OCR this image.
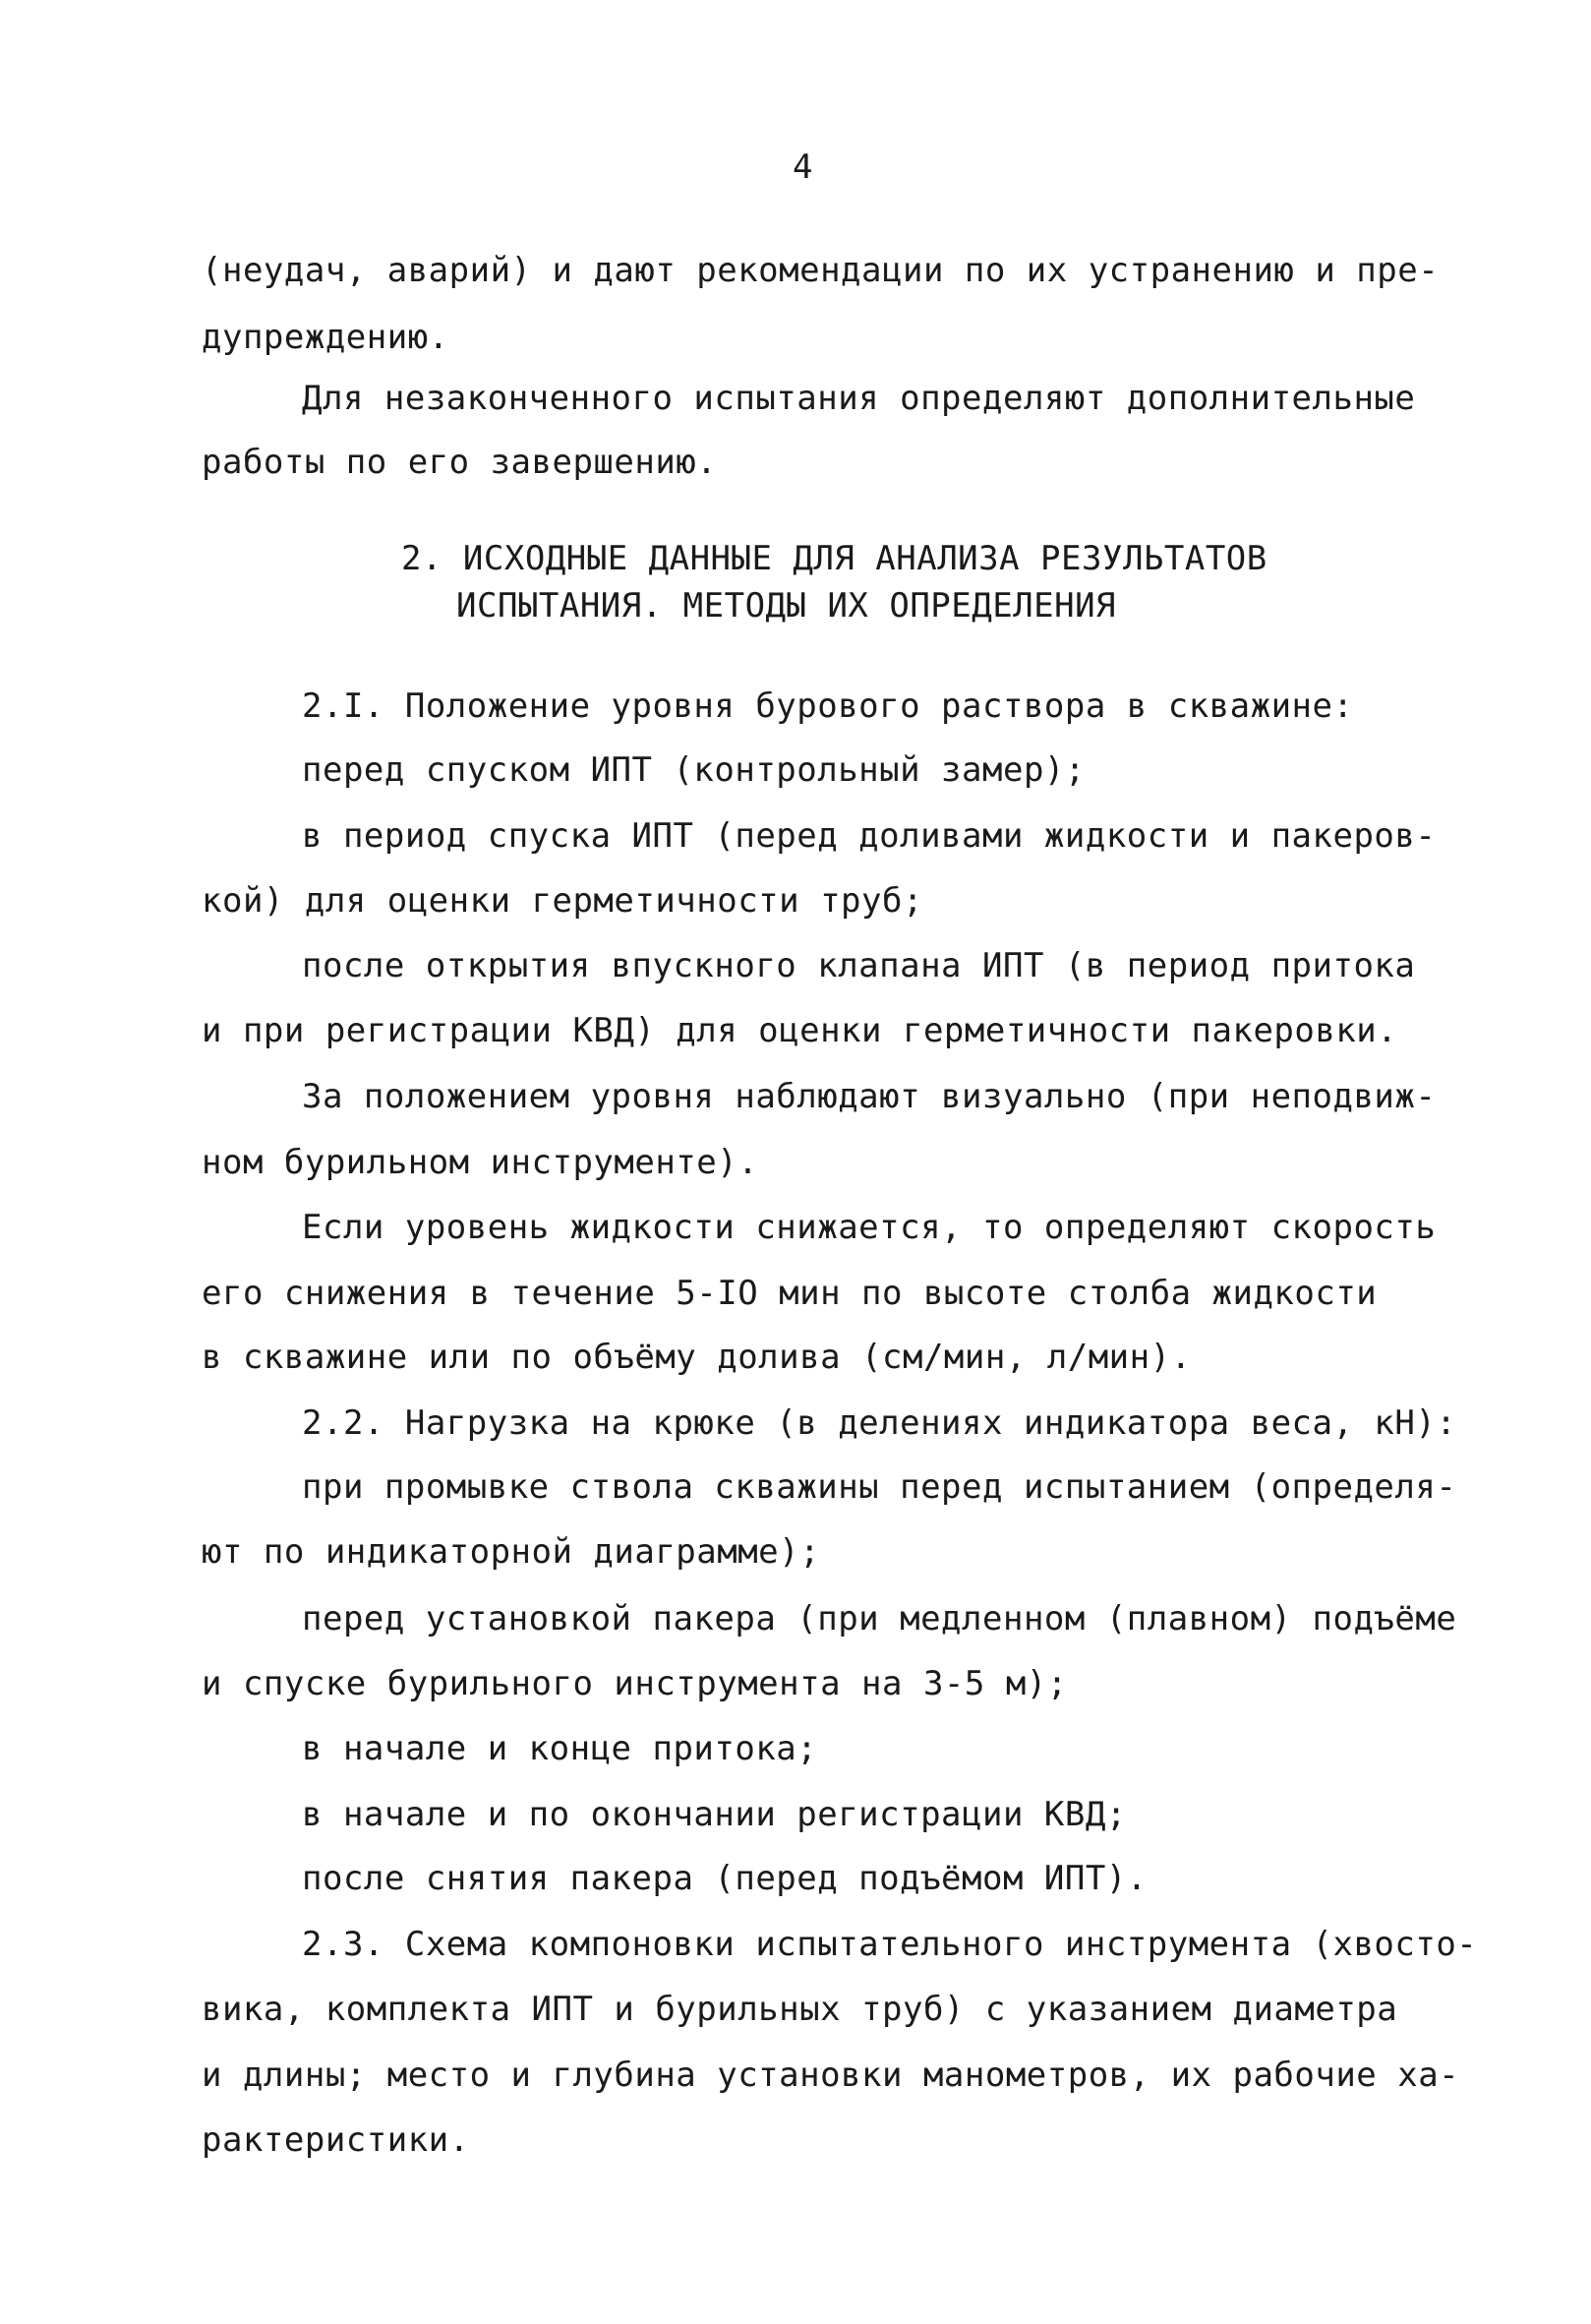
4
(неудач, аварий) и дают рекомендации по их устранению и пре-
дупреждению.
Для незаконченного испытания определяют дополнительные
работы по его завершению.
2. ИСХОДНЫЕ ДАННЫЕ ДЛЯ АНАЛИЗА РЕЗУЛЬТАТОВ
ИСПЫТАНИЯ. МЕТОДЫ ИХ ОПРЕДЕЛЕНИЯ
2.I. Положение уровня бурового раствора в скважине:
перед спуском ИПТ (контрольный замер);
в период спуска ИПТ (перед доливами жидкости и пакеров-
кой) для оценки герметичности труб;
после открытия впускного клапана ИПТ (в период притока
и при регистрации КВД) для оценки герметичности пакеровки.
За положением уровня наблюдают визуально (при неподвиж-
ном бурильном инструменте).
Если уровень жидкости снижается, то определяют скорость
его снижения в течение 5-IO мин по высоте столба жидкости
в скважине или по объёму долива (см/мин, л/мин).
2.2. Нагрузка на крюке (в делениях индикатора веса, кН):
при промывке ствола скважины перед испытанием (определя-
ют по индикаторной диаграмме);
перед установкой пакера (при медленном (плавном) подъёме
и спуске бурильного инструмента на 3-5 м);
в начале и конце притока;
в начале и по окончании регистрации КВД;
после снятия пакера (перед подъёмом ИПТ).
2.3. Схема компоновки испытательного инструмента (хвосто-
вика, комплекта ИПТ и бурильных труб) с указанием диаметра
и длины; место и глубина установки манометров, их рабочие ха-
рактеристики.
